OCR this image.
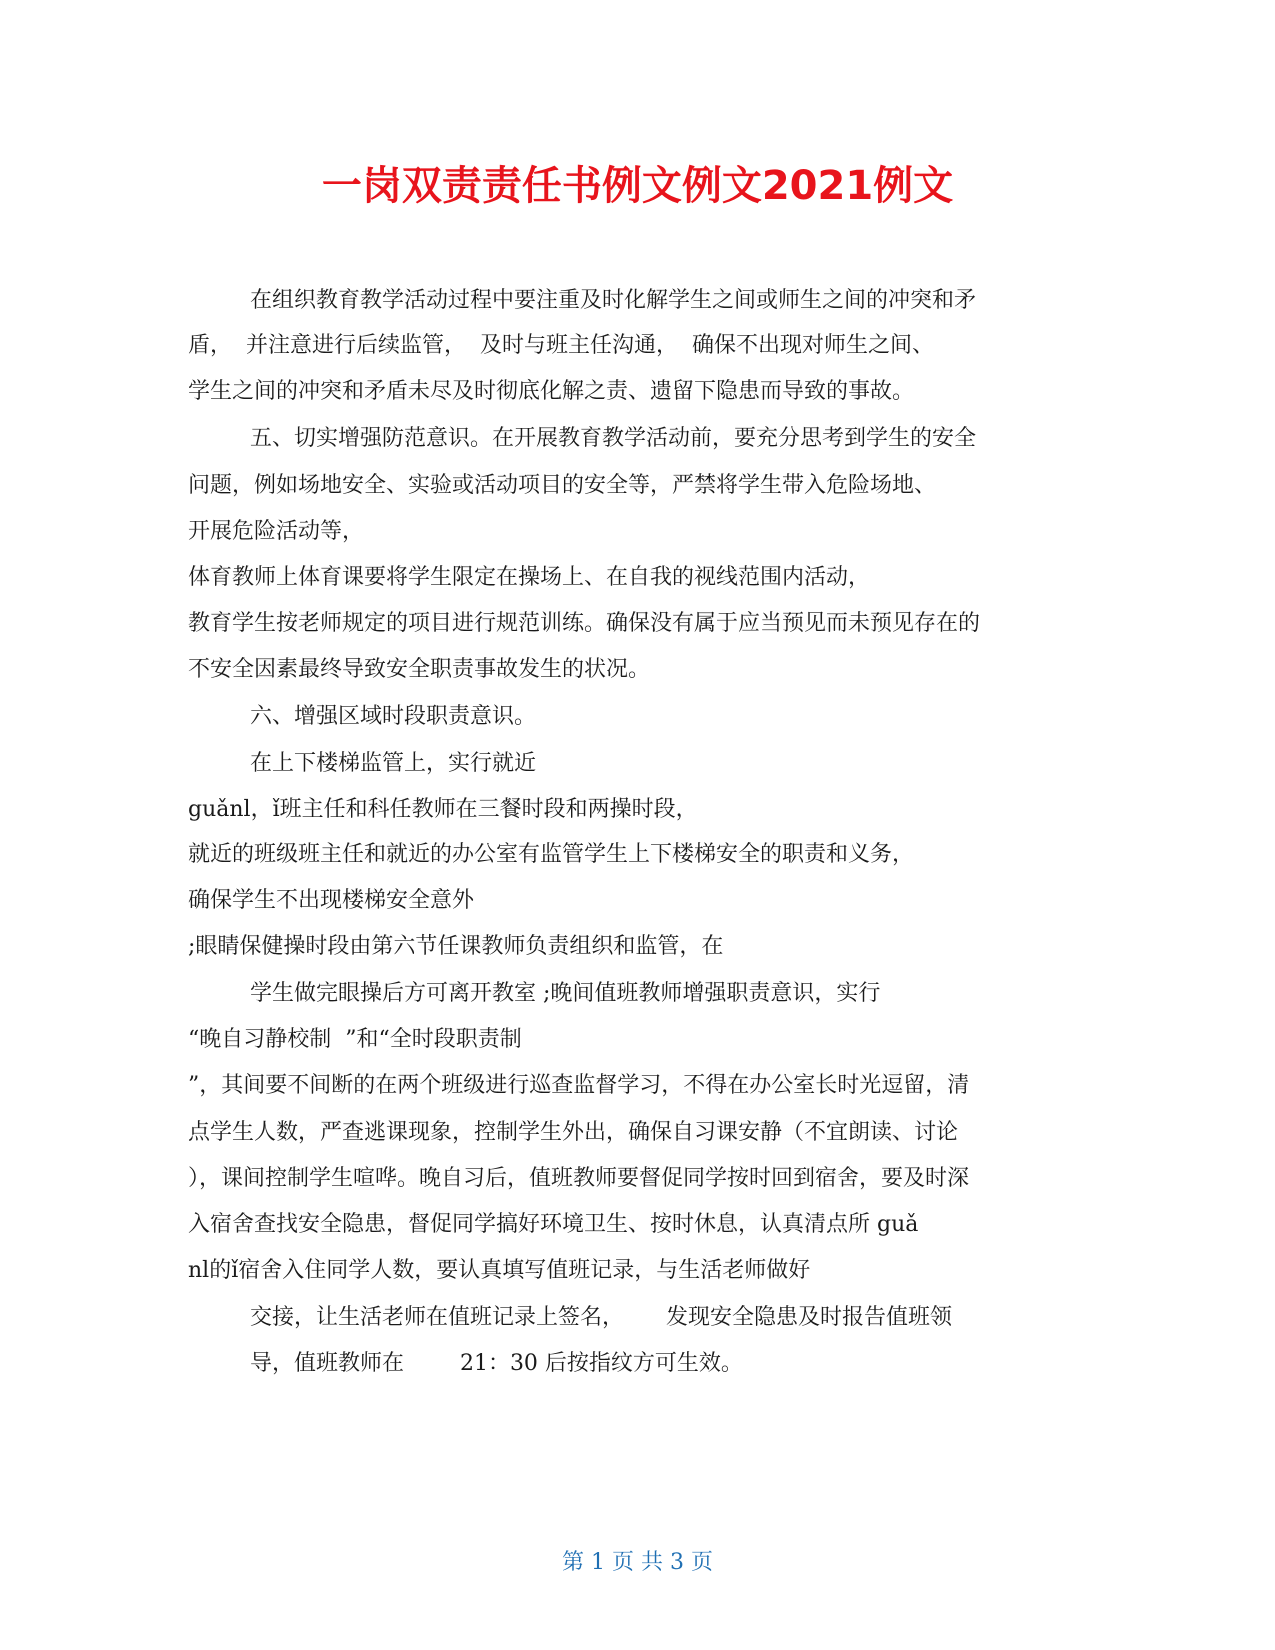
一岗双责责任书例文例文2021例文
在组织教育教学活动过程中要注重及时化解学生之间或师生之间的冲突和矛
盾，  并注意进行后续监管，  及时与班主任沟通，  确保不出现对师生之间、
学生之间的冲突和矛盾未尽及时彻底化解之责、遗留下隐患而导致的事故。
五、切实增强防范意识。在开展教育教学活动前，要充分思考到学生的安全
问题，例如场地安全、实验或活动项目的安全等，严禁将学生带入危险场地、
开展危险活动等，
体育教师上体育课要将学生限定在操场上、在自我的视线范围内活动，
教育学生按老师规定的项目进行规范训练。确保没有属于应当预见而未预见存在的
不安全因素最终导致安全职责事故发生的状况。
六、增强区域时段职责意识。
在上下楼梯监管上，实行就近
guǎnl，ǐ班主任和科任教师在三餐时段和两操时段，
就近的班级班主任和就近的办公室有监管学生上下楼梯安全的职责和义务，
确保学生不出现楼梯安全意外
;眼睛保健操时段由第六节任课教师负责组织和监管，在
学生做完眼操后方可离开教室 ;晚间值班教师增强职责意识，实行
“晚自习静校制  ”和“全时段职责制
”，其间要不间断的在两个班级进行巡查监督学习，不得在办公室长时光逗留，清
点学生人数，严查逃课现象，控制学生外出，确保自习课安静（不宜朗读、讨论
），课间控制学生喧哗。晚自习后，值班教师要督促同学按时回到宿舍，要及时深
入宿舍查找安全隐患，督促同学搞好环境卫生、按时休息，认真清点所 guǎ
nl的ǐ宿舍入住同学人数，要认真填写值班记录，与生活老师做好
交接，让生活老师在值班记录上签名，      发现安全隐患及时报告值班领
导，值班教师在        21：30 后按指纹方可生效。
第 1 页 共 3 页
